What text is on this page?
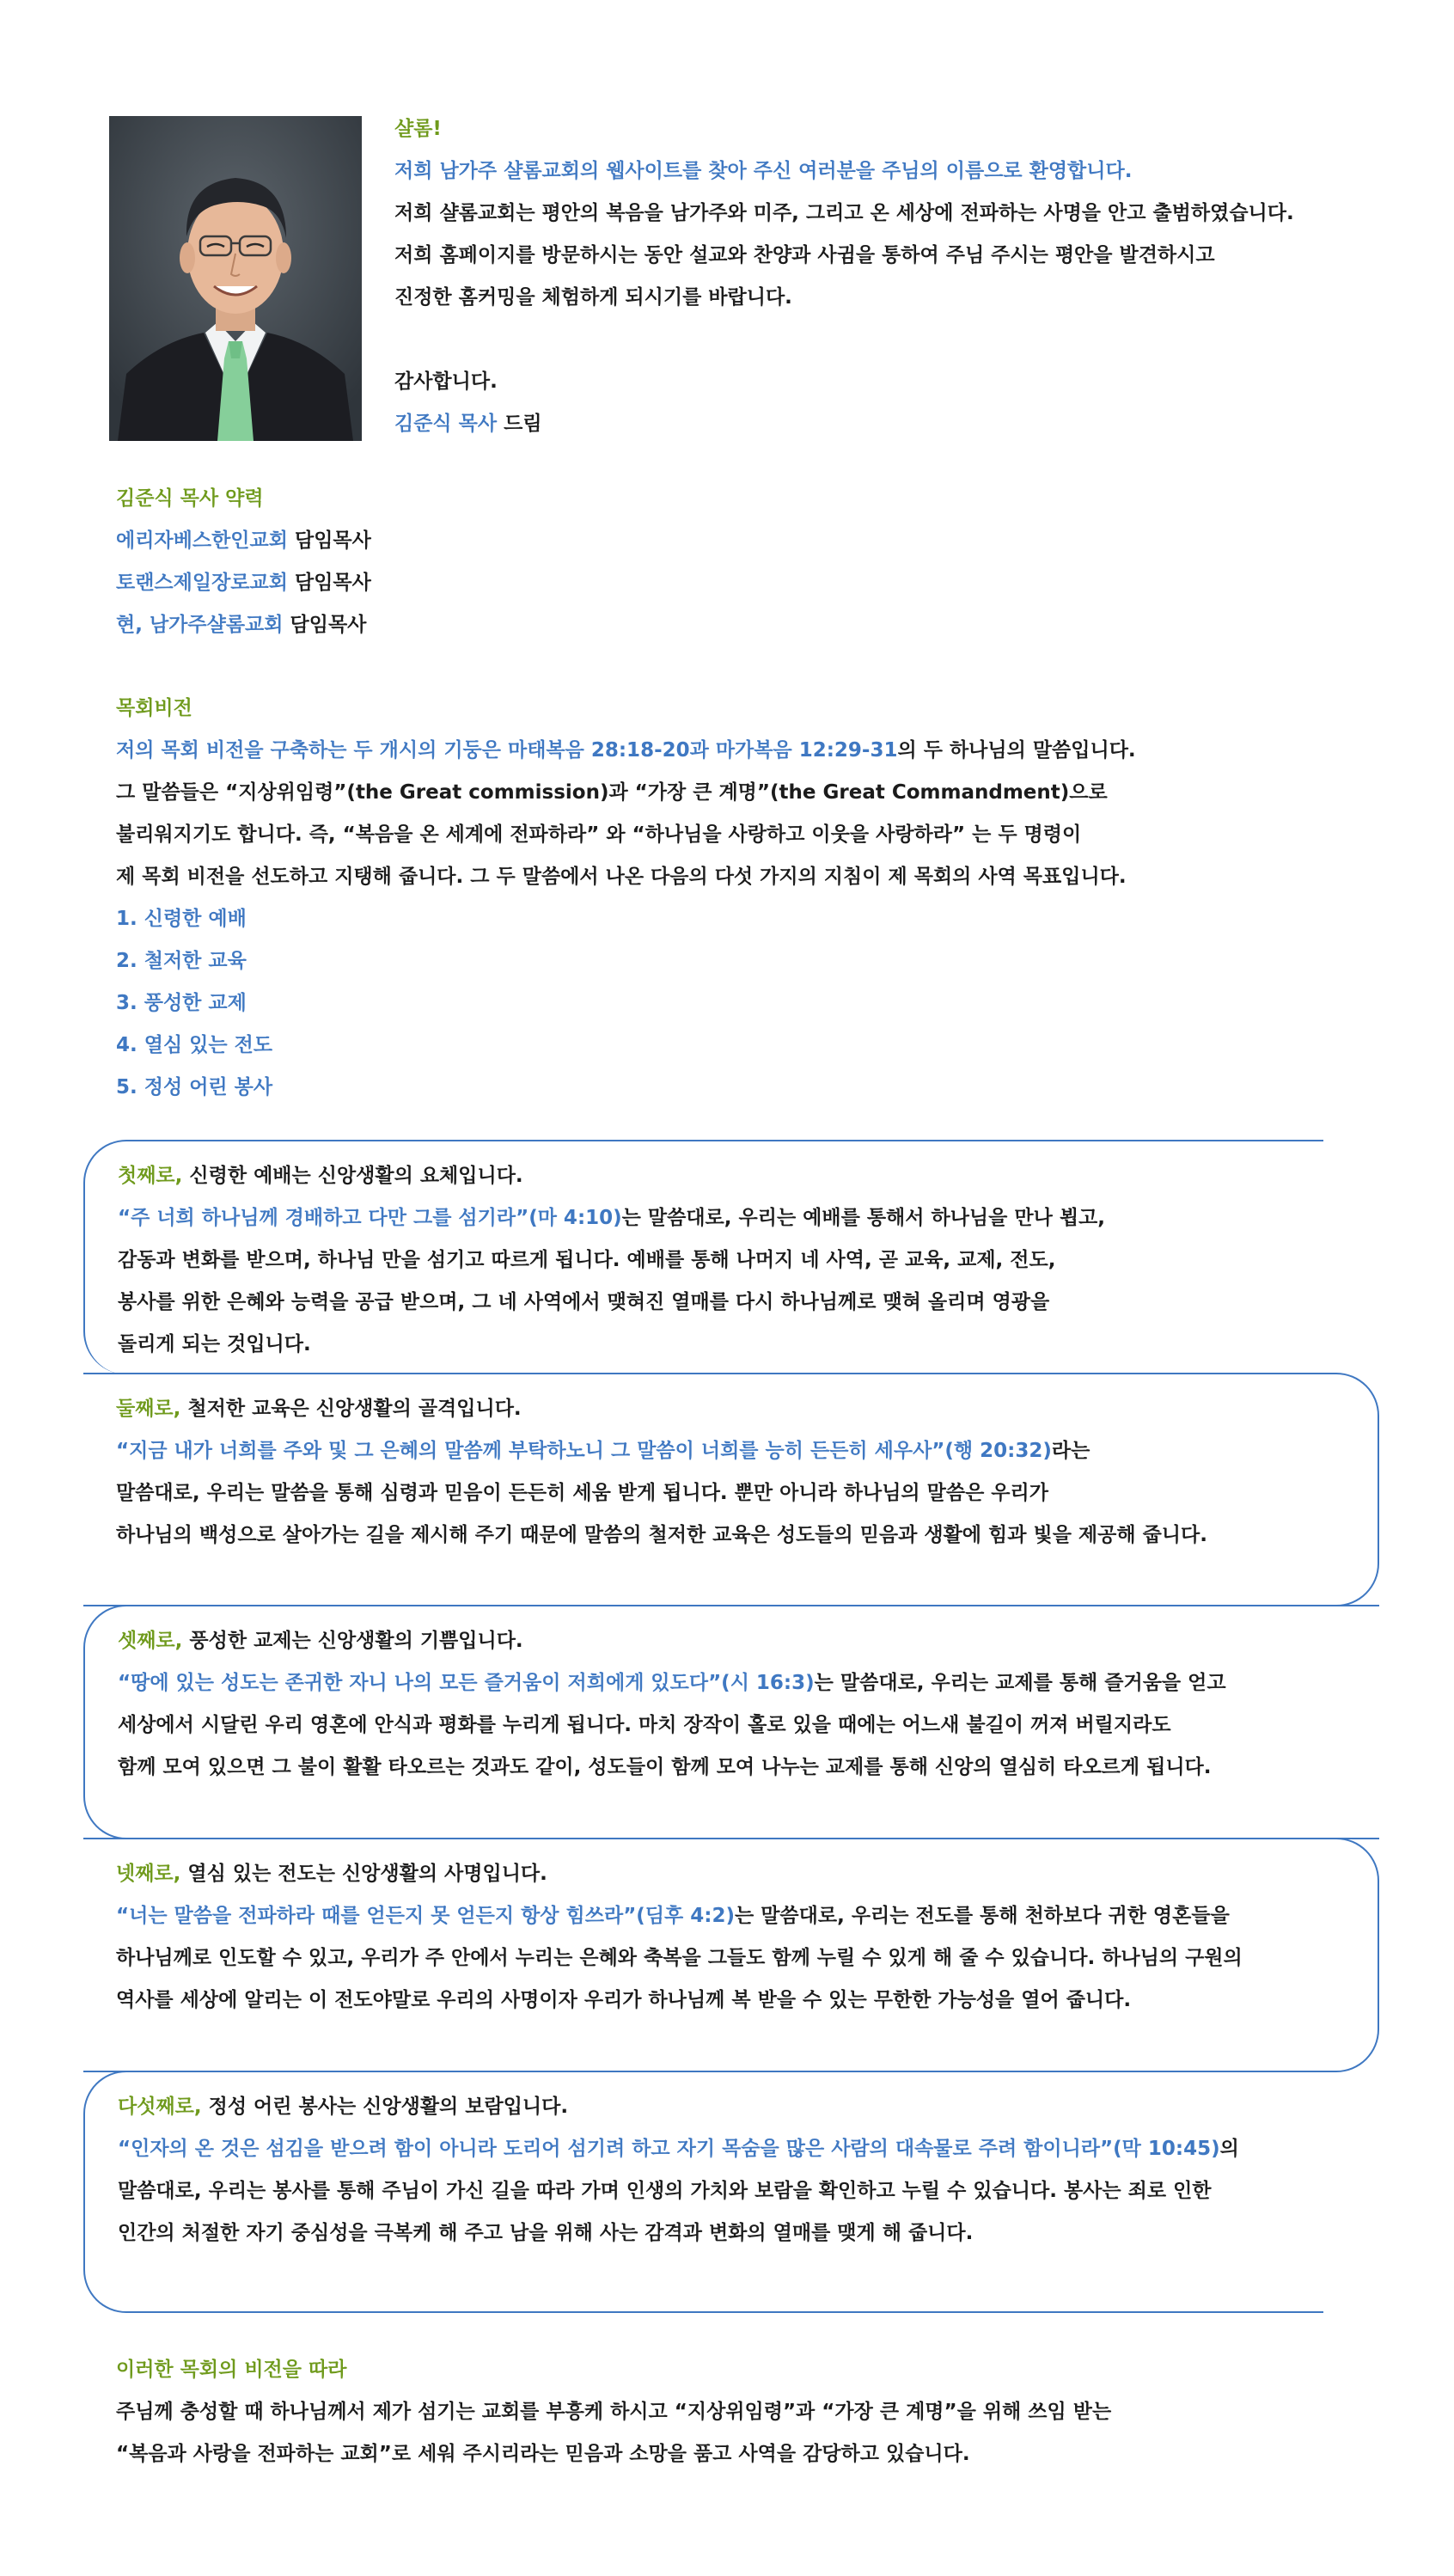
샬롬!

저희 남가주 샬롬교회의 웹사이트를 찾아 주신 여러분을 주님의 이름으로 환영합니다.

저희 샬롬교회는 평안의 복음을 남가주와 미주, 그리고 온 세상에 전파하는 사명을 안고 출범하였습니다.

저희 홈페이지를 방문하시는 동안 설교와 찬양과 사귐을 통하여 주님 주시는 평안을 발견하시고

진정한 홈커밍을 체험하게 되시기를 바랍니다.

감사합니다.

김준식 목사 드림

김준식 목사 약력

에리자베스한인교회 담임목사

토랜스제일장로교회 담임목사

현, 남가주샬롬교회 담임목사

목회비전

저의 목회 비전을 구축하는 두 개시의 기둥은 마태복음 28:18-20과 마가복음 12:29-31의 두 하나님의 말씀입니다.

그 말씀들은 “지상위임령”(the Great commission)과 “가장 큰 계명”(the Great Commandment)으로

불리워지기도 합니다. 즉, “복음을 온 세계에 전파하라” 와 “하나님을 사랑하고 이웃을 사랑하라” 는 두 명령이

제 목회 비전을 선도하고 지탱해 줍니다. 그 두 말씀에서 나온 다음의 다섯 가지의 지침이 제 목회의 사역 목표입니다.

1. 신령한 예배

2. 철저한 교육

3. 풍성한 교제

4. 열심 있는 전도

5. 정성 어린 봉사

첫째로, 신령한 예배는 신앙생활의 요체입니다.

“주 너희 하나님께 경배하고 다만 그를 섬기라”(마 4:10)는 말씀대로, 우리는 예배를 통해서 하나님을 만나 뵙고,

감동과 변화를 받으며, 하나님 만을 섬기고 따르게 됩니다. 예배를 통해 나머지 네 사역, 곧 교육, 교제, 전도,

봉사를 위한 은혜와 능력을 공급 받으며, 그 네 사역에서 맺혀진 열매를 다시 하나님께로 맺혀 올리며 영광을

돌리게 되는 것입니다.

둘째로, 철저한 교육은 신앙생활의 골격입니다.

“지금 내가 너희를 주와 및 그 은혜의 말씀께 부탁하노니 그 말씀이 너희를 능히 든든히 세우사”(행 20:32)라는

말씀대로, 우리는 말씀을 통해 심령과 믿음이 든든히 세움 받게 됩니다. 뿐만 아니라 하나님의 말씀은 우리가

하나님의 백성으로 살아가는 길을 제시해 주기 때문에 말씀의 철저한 교육은 성도들의 믿음과 생활에 힘과 빛을 제공해 줍니다.

셋째로, 풍성한 교제는 신앙생활의 기쁨입니다.

“땅에 있는 성도는 존귀한 자니 나의 모든 즐거움이 저희에게 있도다”(시 16:3)는 말씀대로, 우리는 교제를 통해 즐거움을 얻고

세상에서 시달린 우리 영혼에 안식과 평화를 누리게 됩니다. 마치 장작이 홀로 있을 때에는 어느새 불길이 꺼져 버릴지라도

함께 모여 있으면 그 불이 활활 타오르는 것과도 같이, 성도들이 함께 모여 나누는 교제를 통해 신앙의 열심히 타오르게 됩니다.

넷째로, 열심 있는 전도는 신앙생활의 사명입니다.

“너는 말씀을 전파하라 때를 얻든지 못 얻든지 항상 힘쓰라”(딤후 4:2)는 말씀대로, 우리는 전도를 통해 천하보다 귀한 영혼들을

하나님께로 인도할 수 있고, 우리가 주 안에서 누리는 은혜와 축복을 그들도 함께 누릴 수 있게 해 줄 수 있습니다. 하나님의 구원의

역사를 세상에 알리는 이 전도야말로 우리의 사명이자 우리가 하나님께 복 받을 수 있는 무한한 가능성을 열어 줍니다.

다섯째로, 정성 어린 봉사는 신앙생활의 보람입니다.

“인자의 온 것은 섬김을 받으려 함이 아니라 도리어 섬기려 하고 자기 목숨을 많은 사람의 대속물로 주려 함이니라”(막 10:45)의

말씀대로, 우리는 봉사를 통해 주님이 가신 길을 따라 가며 인생의 가치와 보람을 확인하고 누릴 수 있습니다. 봉사는 죄로 인한

인간의 처절한 자기 중심성을 극복케 해 주고 남을 위해 사는 감격과 변화의 열매를 맺게 해 줍니다.

이러한 목회의 비전을 따라

주님께 충성할 때 하나님께서 제가 섬기는 교회를 부흥케 하시고 “지상위임령”과 “가장 큰 계명”을 위해 쓰임 받는

“복음과 사랑을 전파하는 교회”로 세워 주시리라는 믿음과 소망을 품고 사역을 감당하고 있습니다.
